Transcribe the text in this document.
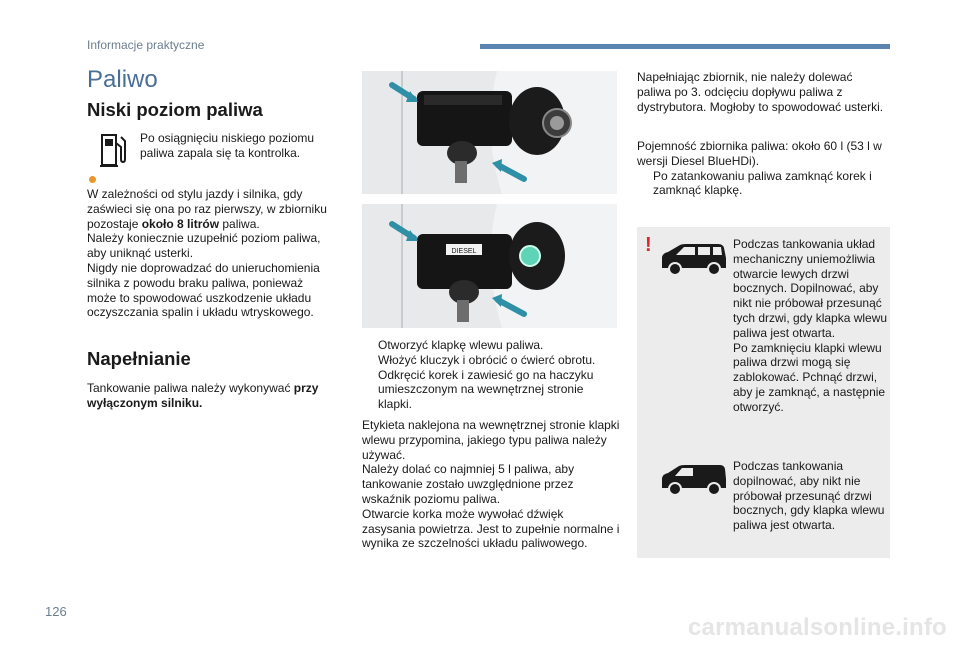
Informacje praktyczne
Paliwo
Niski poziom paliwa
Po osiągnięciu niskiego poziomu paliwa zapala się ta kontrolka.

W zależności od stylu jazdy i silnika, gdy zaświeci się ona po raz pierwszy, w zbiorniku pozostaje około 8 litrów paliwa.

Należy koniecznie uzupełnić poziom paliwa, aby uniknąć usterki.

Nigdy nie doprowadzać do unieruchomienia silnika z powodu braku paliwa, ponieważ może to spowodować uszkodzenie układu oczyszczania spalin i układu wtryskowego.

Napełnianie

Tankowanie paliwa należy wykonywać przy wyłączonym silniku.

DIESEL
Otworzyć klapkę wlewu paliwa.
Włożyć kluczyk i obrócić o ćwierć obrotu.
Odkręcić korek i zawiesić go na haczyku umieszczonym na wewnętrznej stronie klapki.

Etykieta naklejona na wewnętrznej stronie klapki wlewu przypomina, jakiego typu paliwa należy używać.

Należy dolać co najmniej 5 l paliwa, aby tankowanie zostało uwzględnione przez wskaźnik poziomu paliwa.

Otwarcie korka może wywołać dźwięk zasysania powietrza. Jest to zupełnie normalne i wynika ze szczelności układu paliwowego.

Napełniając zbiornik, nie należy dolewać paliwa po 3. odcięciu dopływu paliwa z dystrybutora. Mogłoby to spowodować usterki.

Pojemność zbiornika paliwa: około 60 l (53 l w wersji Diesel BlueHDi).

Po zatankowaniu paliwa zamknąć korek i zamknąć klapkę.
!	Podczas tankowania układ mechaniczny uniemożliwia otwarcie lewych drzwi bocznych. Dopilnować, aby nikt nie próbował przesunąć tych drzwi, gdy klapka wlewu paliwa jest otwarta.

Po zamknięciu klapki wlewu paliwa drzwi mogą się zablokować. Pchnąć drzwi, aby je zamknąć, a następnie otworzyć.

Podczas tankowania dopilnować, aby nikt nie próbował przesunąć drzwi bocznych, gdy klapka wlewu paliwa jest otwarta.
126
carmanualsonline.info
